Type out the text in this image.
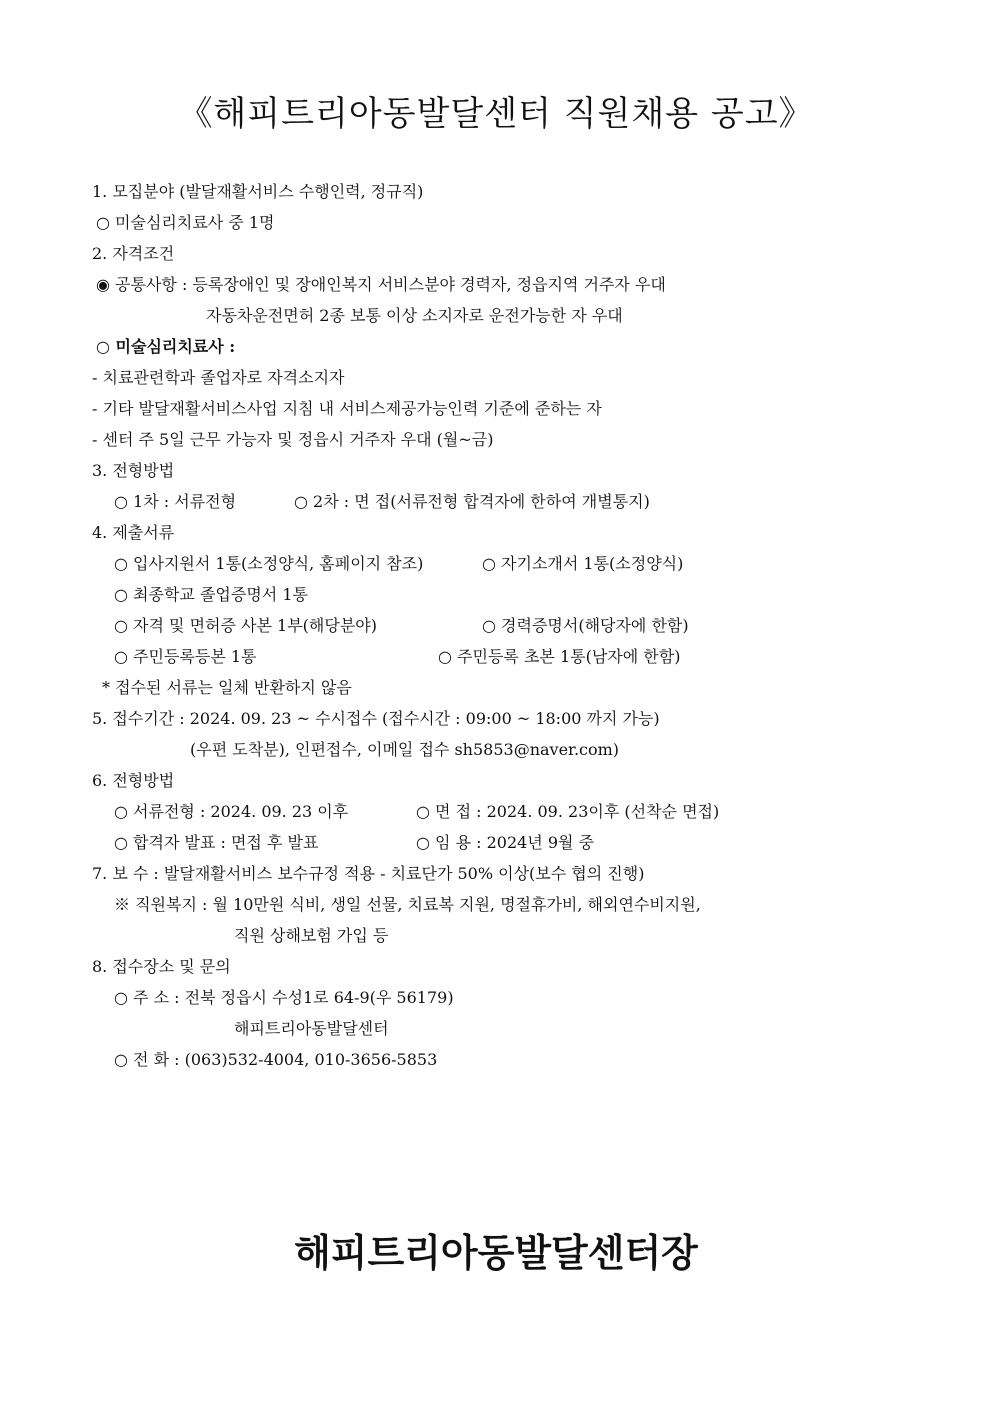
《해피트리아동발달센터 직원채용 공고》
1. 모집분야 (발달재활서비스 수행인력, 정규직)
○ 미술심리치료사 중 1명
2. 자격조건
◉ 공통사항 : 등록장애인 및 장애인복지 서비스분야 경력자, 정읍지역 거주자 우대
자동차운전면허 2종 보통 이상 소지자로 운전가능한 자 우대
○ 미술심리치료사 :
- 치료관련학과 졸업자로 자격소지자
- 기타 발달재활서비스사업 지침 내 서비스제공가능인력 기준에 준하는 자
- 센터 주 5일 근무 가능자 및 정읍시 거주자 우대 (월~금)
3. 전형방법
○ 1차 : 서류전형	○ 2차 : 면 접(서류전형 합격자에 한하여 개별통지)
4. 제출서류
○ 입사지원서 1통(소정양식, 홈페이지 참조)	○ 자기소개서 1통(소정양식)
○ 최종학교 졸업증명서 1통
○ 자격 및 면허증 사본 1부(해당분야)	○ 경력증명서(해당자에 한함)
○ 주민등록등본 1통	○ 주민등록 초본 1통(남자에 한함)
* 접수된 서류는 일체 반환하지 않음
5. 접수기간 : 2024. 09. 23 ~ 수시접수 (접수시간 : 09:00 ~ 18:00 까지 가능)
(우편 도착분), 인편접수, 이메일 접수 sh5853@naver.com)
6. 전형방법
○ 서류전형 : 2024. 09. 23 이후	○ 면 접 : 2024. 09. 23이후 (선착순 면접)
○ 합격자 발표 : 면접 후 발표	○ 임 용 : 2024년 9월 중
7. 보 수 : 발달재활서비스 보수규정 적용 - 치료단가 50% 이상(보수 협의 진행)
※ 직원복지 : 월 10만원 식비, 생일 선물, 치료복 지원, 명절휴가비, 해외연수비지원,
직원 상해보험 가입 등
8. 접수장소 및 문의
○ 주 소 : 전북 정읍시 수성1로 64-9(우 56179)
해피트리아동발달센터
○ 전 화 : (063)532-4004, 010-3656-5853
해피트리아동발달센터장
